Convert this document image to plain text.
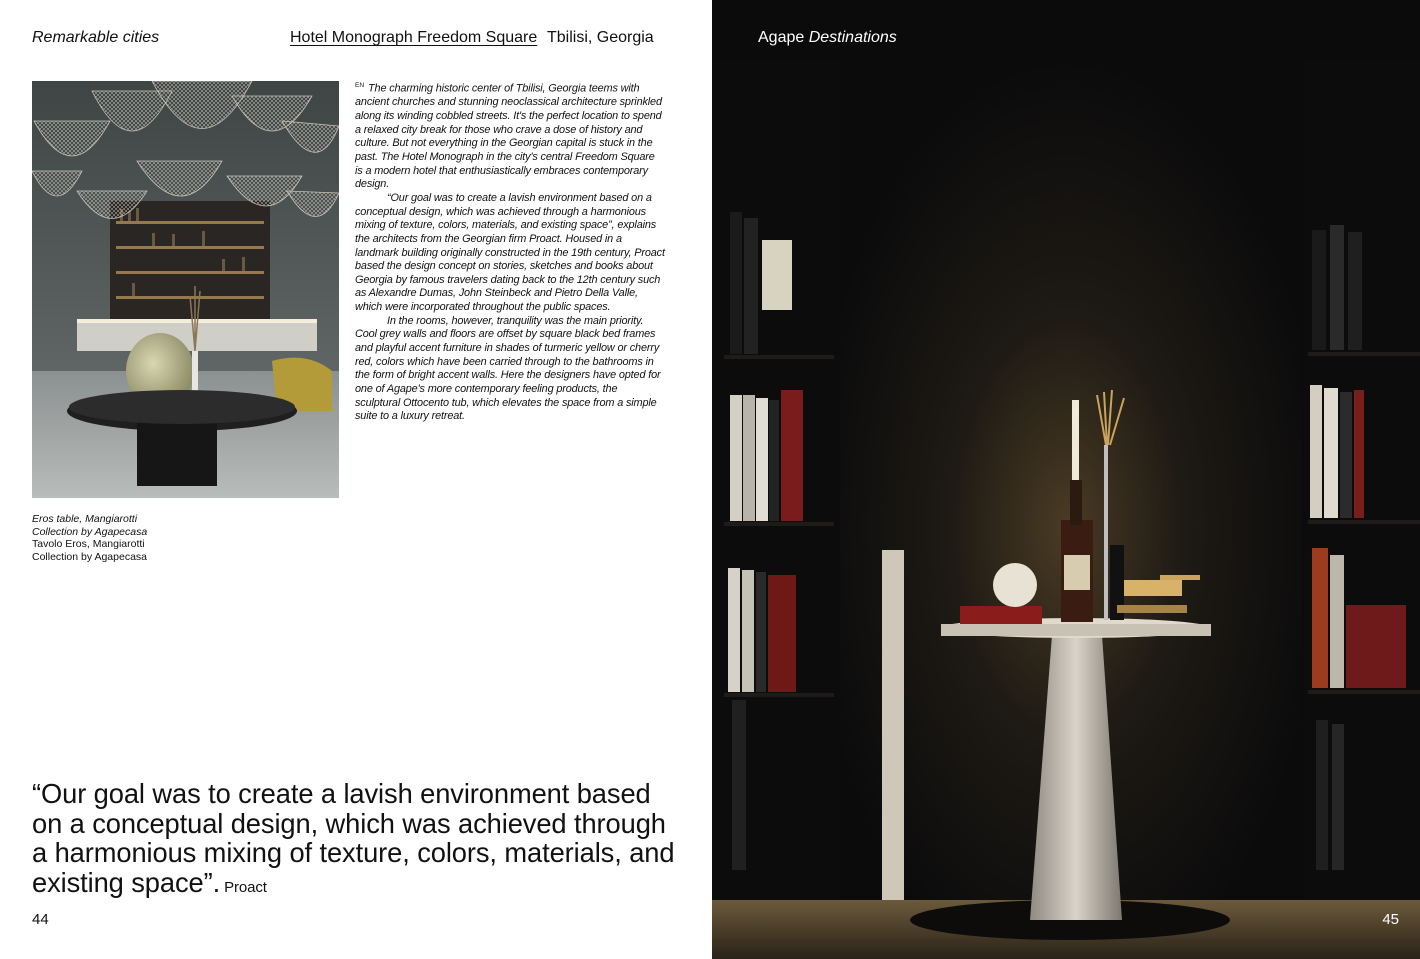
Remarkable cities	Hotel Monograph Freedom Square Tbilisi, Georgia
Eros table, Mangiarotti
Collection by Agapecasa
Tavolo Eros, Mangiarotti
Collection by Agapecasa

$^{EN}$ The charming historic center of Tbilisi, Georgia teems with ancient churches and stunning neoclassical architecture sprinkled along its winding cobbled streets. It's the perfect location to spend a relaxed city break for those who crave a dose of history and culture. But not everything in the Georgian capital is stuck in the past. The Hotel Monograph in the city's central Freedom Square is a modern hotel that enthusiastically embraces contemporary design.

“Our goal was to create a lavish environment based on a conceptual design, which was achieved through a harmonious mixing of texture, colors, materials, and existing space”, explains the architects from the Georgian firm Proact. Housed in a landmark building originally constructed in the 19th century, Proact based the design concept on stories, sketches and books about Georgia by famous travelers dating back to the 12th century such as Alexandre Dumas, John Steinbeck and Pietro Della Valle, which were incorporated throughout the public spaces.

In the rooms, however, tranquility was the main priority. Cool grey walls and floors are offset by square black bed frames and playful accent furniture in shades of turmeric yellow or cherry red, colors which have been carried through to the bathrooms in the form of bright accent walls. Here the designers have opted for one of Agape's more contemporary feeling products, the sculptural Ottocento tub, which elevates the space from a simple suite to a luxury retreat.

“Our goal was to create a lavish environment based on a conceptual design, which was achieved through a harmonious mixing of texture, colors, materials, and existing space”. Proact
44
Agape Destinations
45
